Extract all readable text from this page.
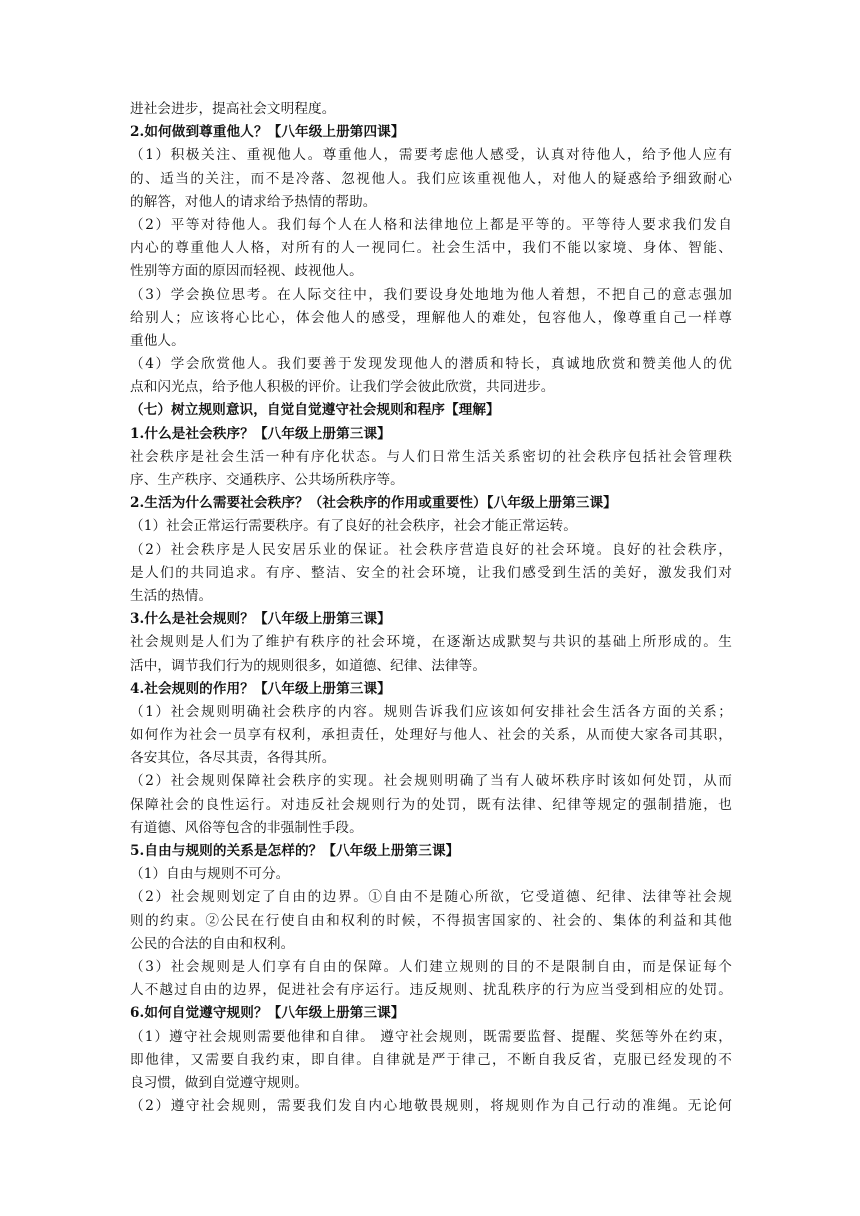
进社会进步，提高社会文明程度。
2.如何做到尊重他人？【八年级上册第四课】
（1）积极关注、重视他人。尊重他人，需要考虑他人感受，认真对待他人，给予他人应有
的、适当的关注，而不是冷落、忽视他人。我们应该重视他人，对他人的疑惑给予细致耐心
的解答，对他人的请求给予热情的帮助。
（2）平等对待他人。我们每个人在人格和法律地位上都是平等的。平等待人要求我们发自
内心的尊重他人人格，对所有的人一视同仁。社会生活中，我们不能以家境、身体、智能、
性别等方面的原因而轻视、歧视他人。
（3）学会换位思考。在人际交往中，我们要设身处地地为他人着想，不把自己的意志强加
给别人；应该将心比心，体会他人的感受，理解他人的难处，包容他人，像尊重自己一样尊
重他人。
（4）学会欣赏他人。我们要善于发现发现他人的潜质和特长，真诚地欣赏和赞美他人的优
点和闪光点，给予他人积极的评价。让我们学会彼此欣赏，共同进步。
（七）树立规则意识，自觉自觉遵守社会规则和程序【理解】
1.什么是社会秩序？【八年级上册第三课】
社会秩序是社会生活一种有序化状态。与人们日常生活关系密切的社会秩序包括社会管理秩
序、生产秩序、交通秩序、公共场所秩序等。
2.生活为什么需要社会秩序？（社会秩序的作用或重要性）【八年级上册第三课】
（1）社会正常运行需要秩序。有了良好的社会秩序，社会才能正常运转。
（2）社会秩序是人民安居乐业的保证。社会秩序营造良好的社会环境。良好的社会秩序，
是人们的共同追求。有序、整洁、安全的社会环境，让我们感受到生活的美好，激发我们对
生活的热情。
3.什么是社会规则？【八年级上册第三课】
社会规则是人们为了维护有秩序的社会环境，在逐渐达成默契与共识的基础上所形成的。生
活中，调节我们行为的规则很多，如道德、纪律、法律等。
4.社会规则的作用？【八年级上册第三课】
（1）社会规则明确社会秩序的内容。规则告诉我们应该如何安排社会生活各方面的关系；
如何作为社会一员享有权利，承担责任，处理好与他人、社会的关系，从而使大家各司其职，
各安其位，各尽其责，各得其所。
（2）社会规则保障社会秩序的实现。社会规则明确了当有人破坏秩序时该如何处罚，从而
保障社会的良性运行。对违反社会规则行为的处罚，既有法律、纪律等规定的强制措施，也
有道德、风俗等包含的非强制性手段。
5.自由与规则的关系是怎样的？【八年级上册第三课】
（1）自由与规则不可分。
（2）社会规则划定了自由的边界。①自由不是随心所欲，它受道德、纪律、法律等社会规
则的约束。②公民在行使自由和权利的时候，不得损害国家的、社会的、集体的利益和其他
公民的合法的自由和权利。
（3）社会规则是人们享有自由的保障。人们建立规则的目的不是限制自由，而是保证每个
人不越过自由的边界，促进社会有序运行。违反规则、扰乱秩序的行为应当受到相应的处罚。
6.如何自觉遵守规则？【八年级上册第三课】
（1）遵守社会规则需要他律和自律。 遵守社会规则，既需要监督、提醒、奖惩等外在约束，
即他律，又需要自我约束，即自律。自律就是严于律己，不断自我反省，克服已经发现的不
良习惯，做到自觉遵守规则。
（2）遵守社会规则，需要我们发自内心地敬畏规则，将规则作为自己行动的准绳。无论何
